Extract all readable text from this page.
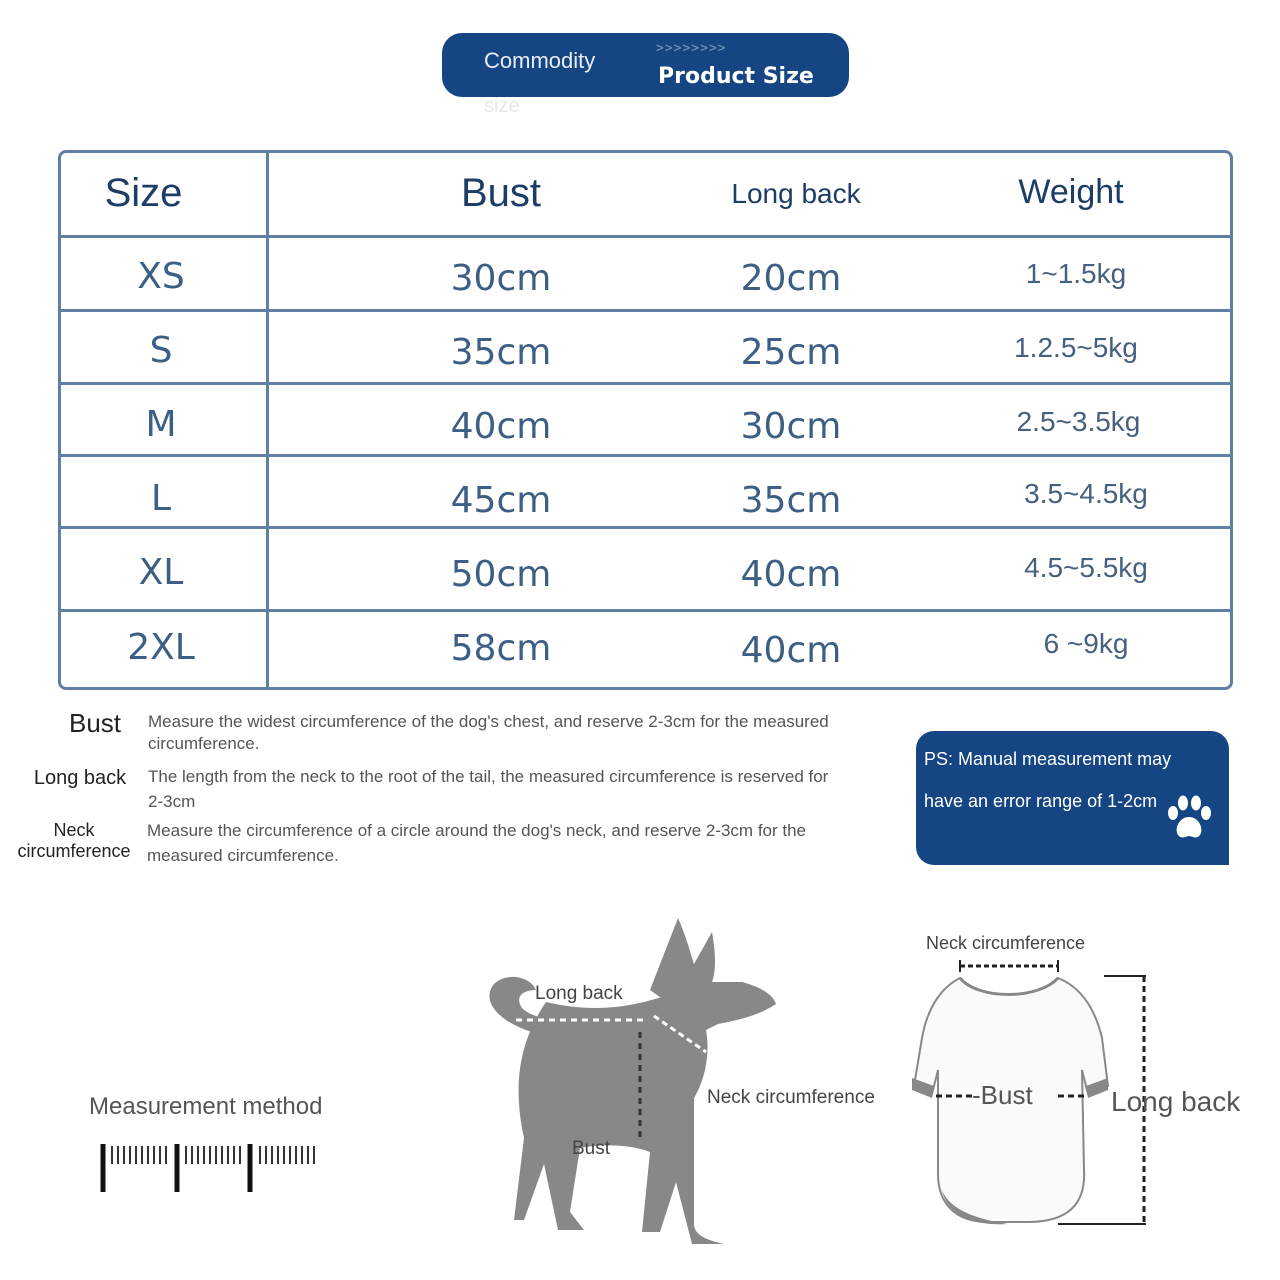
Commodity	>>>>>>>>
Product Size
size
Size	Bust	Long back	Weight
XS	30cm	20cm	1~1.5kg
S	35cm	25cm	1.2.5~5kg
M	40cm	30cm	2.5~3.5kg
L	45cm	35cm	3.5~4.5kg
XL	50cm	40cm	4.5~5.5kg
2XL	58cm	40cm	6 ~9kg
Bust	Measure the widest circumference of the dog's chest, and reserve 2-3cm for the measured
circumference.
Long back The length from the neck to the root of the tail, the measured circumference is reserved for
2-3cm
Neck
circumference
Measure the circumference of a circle around the dog's neck, and reserve 2-3cm for the
measured circumference.
PS: Manual measurement may
have an error range of 1-2cm
Measurement method
Long back
Neck circumference
Bust
Neck circumference
-Bust	Long back
